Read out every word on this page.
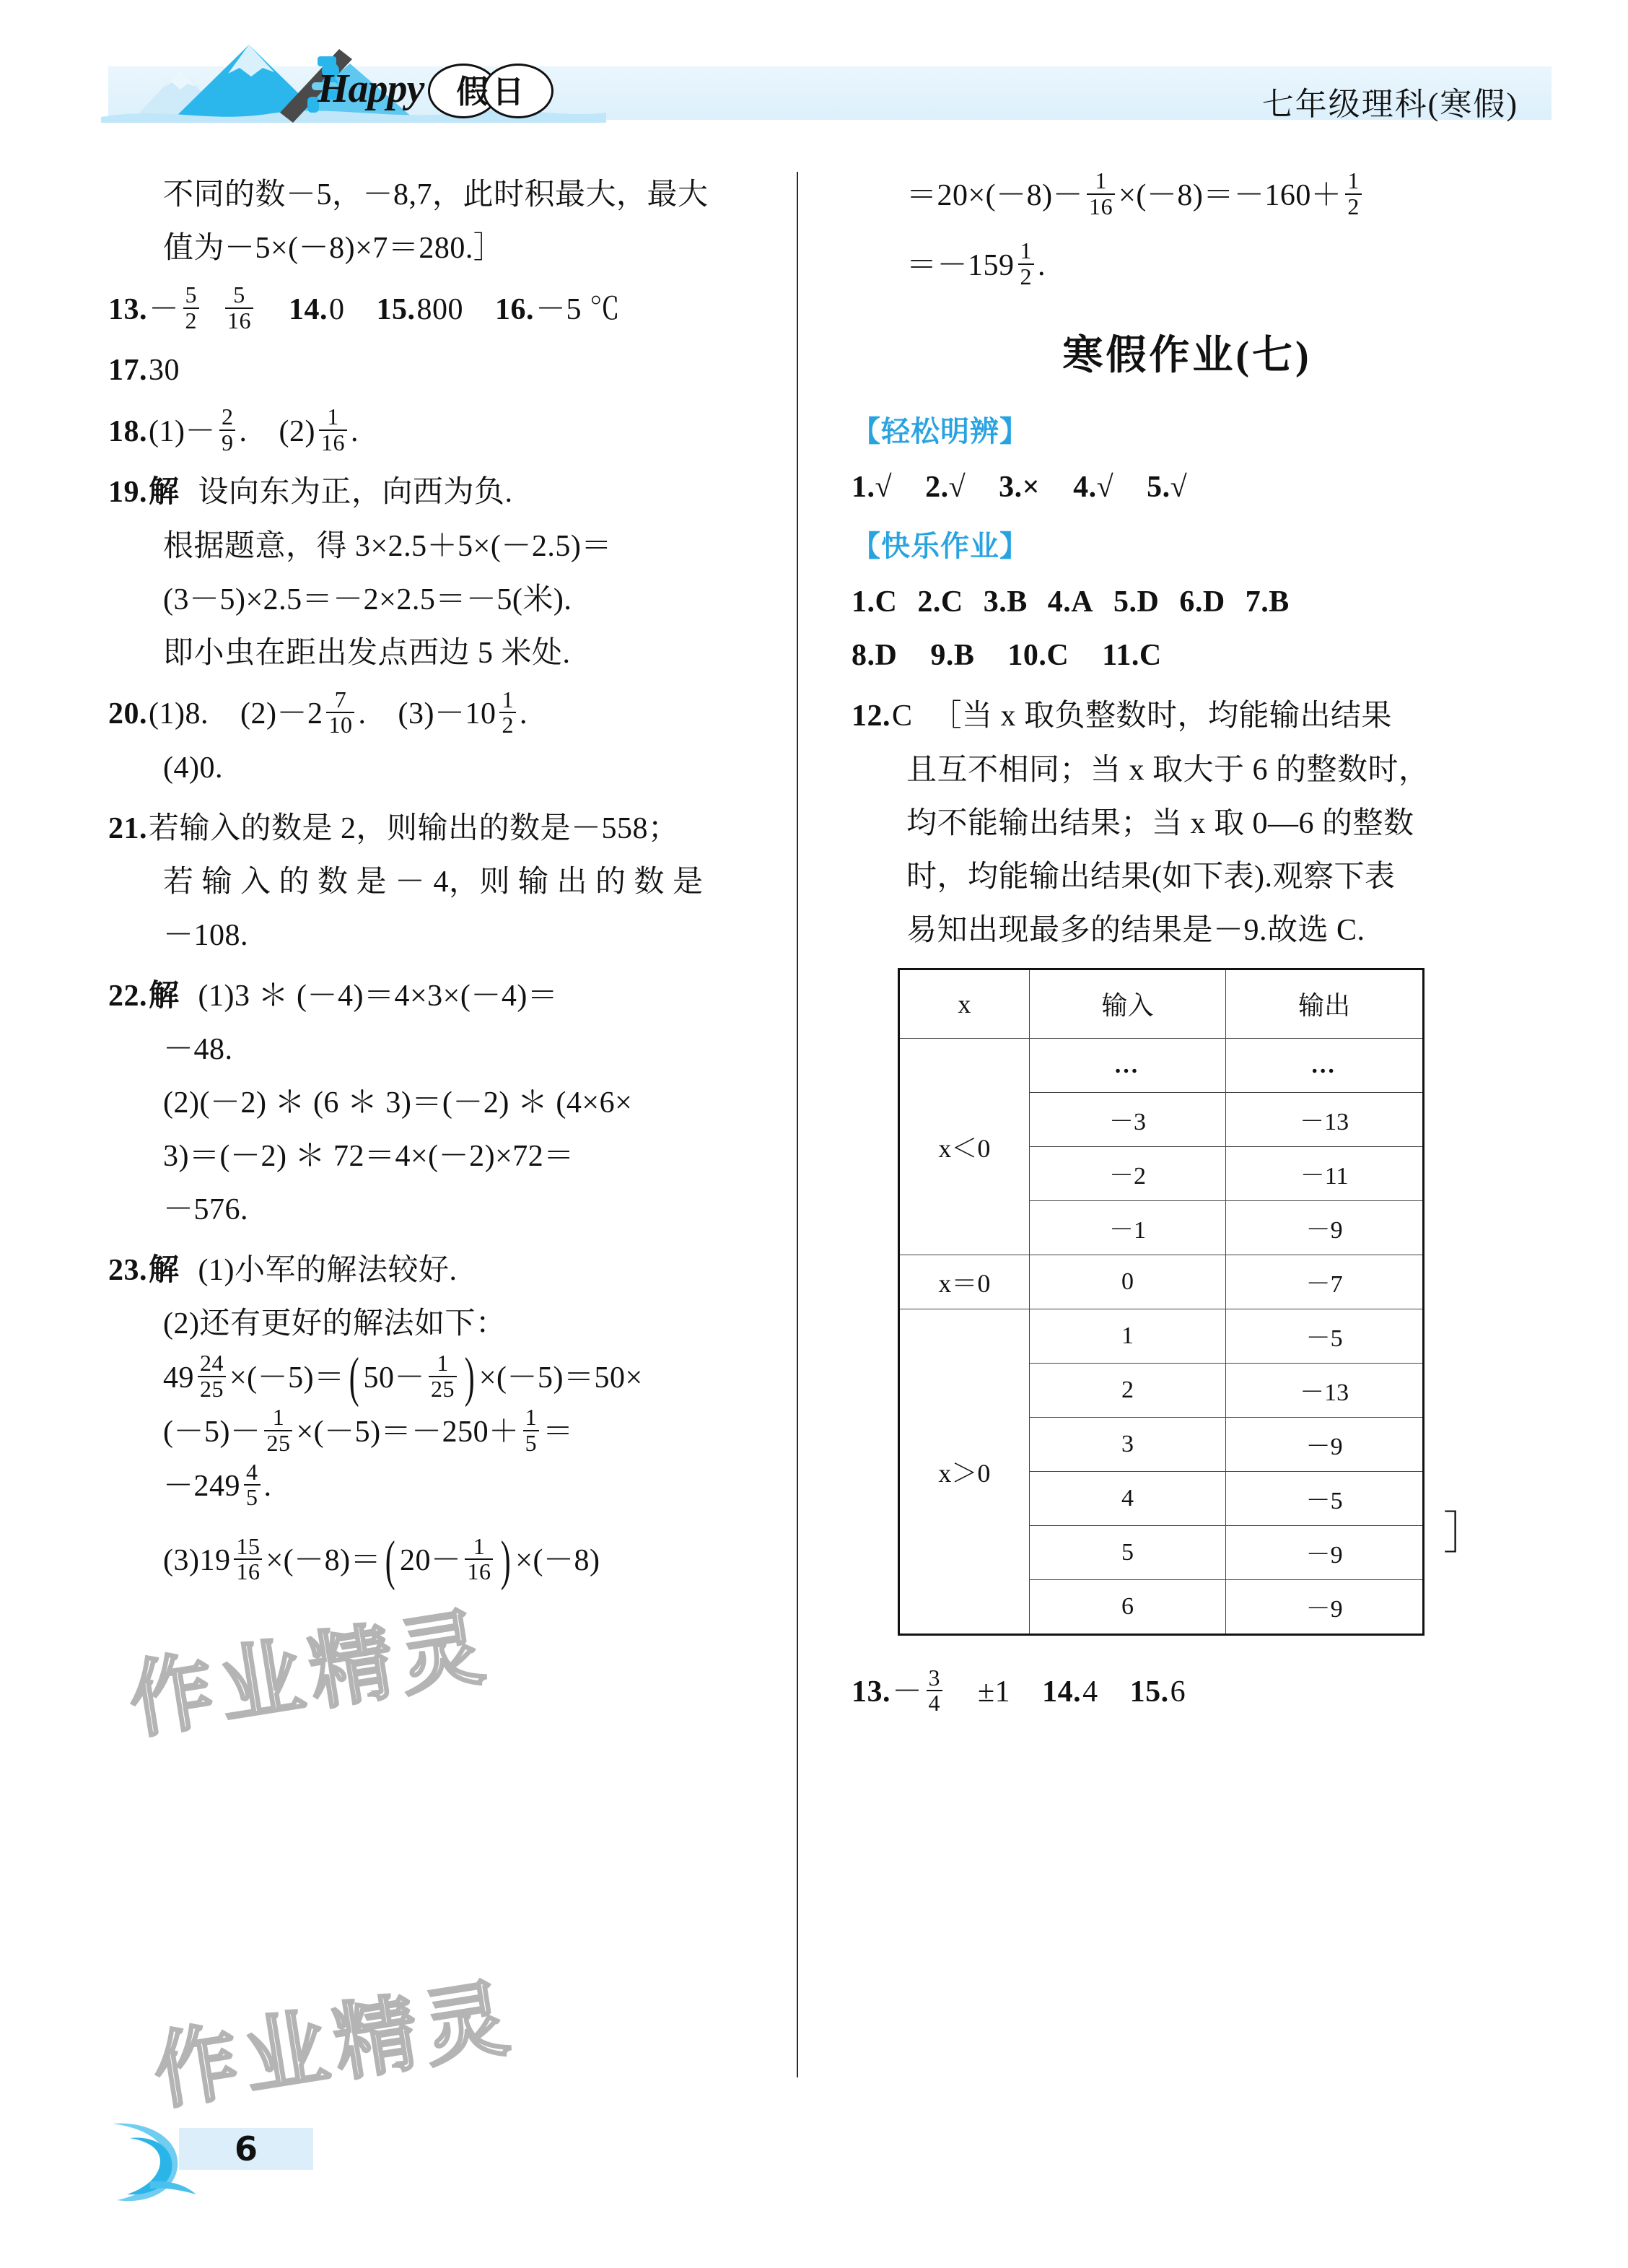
Happy 假日	七年级理科(寒假)
不同的数－5，－8,7，此时积最大，最大
值为－5×(－8)×7＝280.］
13. － $\frac{5}{2} \frac{5}{16} 14$. 0 15. 800 16. －5 ℃
17. 30
18. $(1)- \frac{2}{9}$ . $(2) \frac{1}{16}$ .
19. 解 设向东为正，向西为负.
根据题意，得 3×2.5＋5×(－2.5)＝
(3－5)×2.5＝－2×2.5＝－5(米).
即小虫在距出发点西边 5 米处.
20. (1)8. $(2)-2 \frac{7}{10}$ . $(3)-10 \frac{1}{2}$ .
(4)0.
21. 若输入的数是 2，则输出的数是－558；
若 输 入 的 数 是 － 4，则 输 出 的 数 是
－108.
22. 解 (1)3 ＊ (－4)＝4×3×(－4)＝
－48.
(2)(－2) ＊ (6 ＊ 3)＝(－2) ＊ (4×6×
3)＝(－2) ＊ 72＝4×(－2)×72＝
－576.
23. 解 (1)小军的解法较好.
(2)还有更好的解法如下：
$49 \frac{24}{25} \times(-5)=$ ( $50- \frac{1}{25}$ ) ×(－5)＝50×
$(-5)- \frac{1}{25} \times(-5)=-250+ \frac{1}{5}$ ＝
$-249 \frac{4}{5}$ .
$(3)19 \frac{15}{16} \times(-8)=$ ( $20- \frac{1}{16}$ ) ×(－8)
$=20\times(-8)- \frac{1}{16} \times(-8)=-160+ \frac{1}{2}$
$=-159 \frac{1}{2}$ .
寒假作业(七)
【轻松明辨】
1.√ 2.√ 3.× 4.√ 5.√
【快乐作业】
1.C 2.C 3.B 4.A 5.D 6.D 7.B
8.D 9.B 10.C 11.C
12. C ［当 x 取负整数时，均能输出结果
且互不相同；当 x 取大于 6 的整数时，
均不能输出结果；当 x 取 0—6 的整数
时，均能输出结果(如下表).观察下表
易知出现最多的结果是－9.故选 C.
x	输入	输出
x＜0	…	…
	－3	－13
	－2	－11
	－1	－9
x＝0	0	－7
x＞0	1	－5
	2	－13
	3	－9
	4	－5
	5	－9
	6	－9
］
13. － $\frac{3}{4} \pm 1$ 14. 4 15. 6
作业精灵
作业精灵
6
